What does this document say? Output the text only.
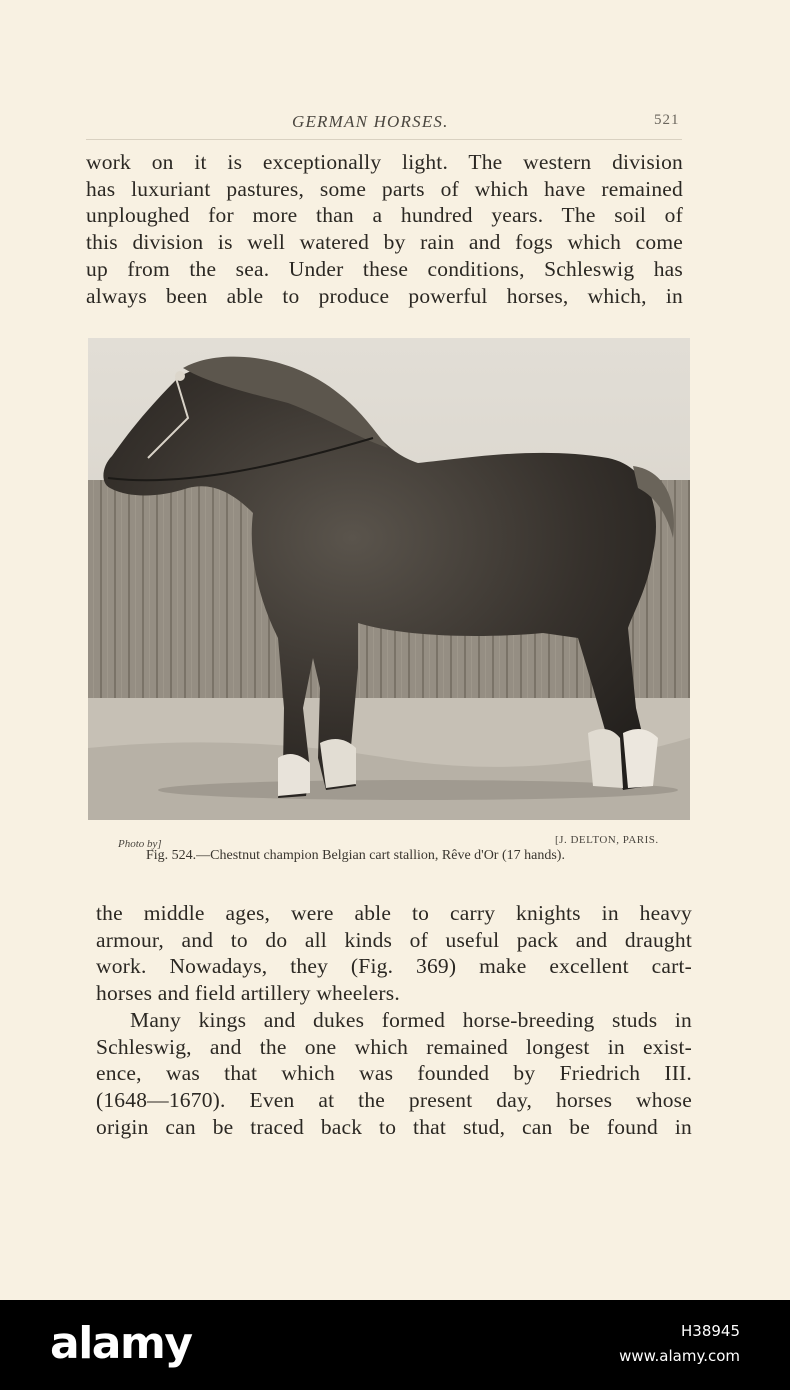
GERMAN HORSES.	521
work on it is exceptionally light. The western division
has luxuriant pastures, some parts of which have remained
unploughed for more than a hundred years. The soil of
this division is well watered by rain and fogs which come
up from the sea. Under these conditions, Schleswig has
always been able to produce powerful horses, which, in
Photo by]	[J. DELTON, PARIS.
Fig. 524.—Chestnut champion Belgian cart stallion, Rêve d'Or (17 hands).
the middle ages, were able to carry knights in heavy
armour, and to do all kinds of useful pack and draught
work. Nowadays, they (Fig. 369) make excellent cart-
horses and field artillery wheelers.
Many kings and dukes formed horse-breeding studs in
Schleswig, and the one which remained longest in exist-
ence, was that which was founded by Friedrich III.
(1648—1670). Even at the present day, horses whose
origin can be traced back to that stud, can be found in
alamy	H38945
www.alamy.com
